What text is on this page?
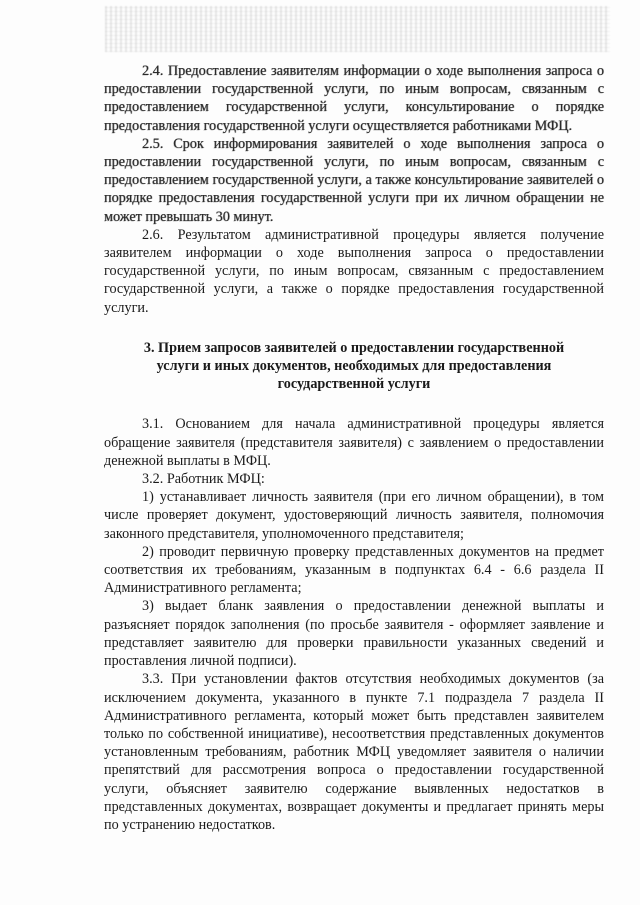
2.4. Предоставление заявителям информации о ходе выполнения запроса о предоставлении государственной услуги, по иным вопросам, связанным с предоставлением государственной услуги, консультирование о порядке предоставления государственной услуги осуществляется работниками МФЦ.

2.5. Срок информирования заявителей о ходе выполнения запроса о предоставлении государственной услуги, по иным вопросам, связанным с предоставлением государственной услуги, а также консультирование заявителей о порядке предоставления государственной услуги при их личном обращении не может превышать 30 минут.

2.6. Результатом административной процедуры является получение заявителем информации о ходе выполнения запроса о предоставлении государственной услуги, по иным вопросам, связанным с предоставлением государственной услуги, а также о порядке предоставления государственной услуги.

3. Прием запросов заявителей о предоставлении государственной услуги и иных документов, необходимых для предоставления государственной услуги

3.1. Основанием для начала административной процедуры является обращение заявителя (представителя заявителя) с заявлением о предоставлении денежной выплаты в МФЦ.

3.2. Работник МФЦ:

1) устанавливает личность заявителя (при его личном обращении), в том числе проверяет документ, удостоверяющий личность заявителя, полномочия законного представителя, уполномоченного представителя;

2) проводит первичную проверку представленных документов на предмет соответствия их требованиям, указанным в подпунктах 6.4 - 6.6 раздела II Административного регламента;

3) выдает бланк заявления о предоставлении денежной выплаты и разъясняет порядок заполнения (по просьбе заявителя - оформляет заявление и представляет заявителю для проверки правильности указанных сведений и проставления личной подписи).

3.3. При установлении фактов отсутствия необходимых документов (за исключением документа, указанного в пункте 7.1 подраздела 7 раздела II Административного регламента, который может быть представлен заявителем только по собственной инициативе), несоответствия представленных документов установленным требованиям, работник МФЦ уведомляет заявителя о наличии препятствий для рассмотрения вопроса о предоставлении государственной услуги, объясняет заявителю содержание выявленных недостатков в представленных документах, возвращает документы и предлагает принять меры по устранению недостатков.
